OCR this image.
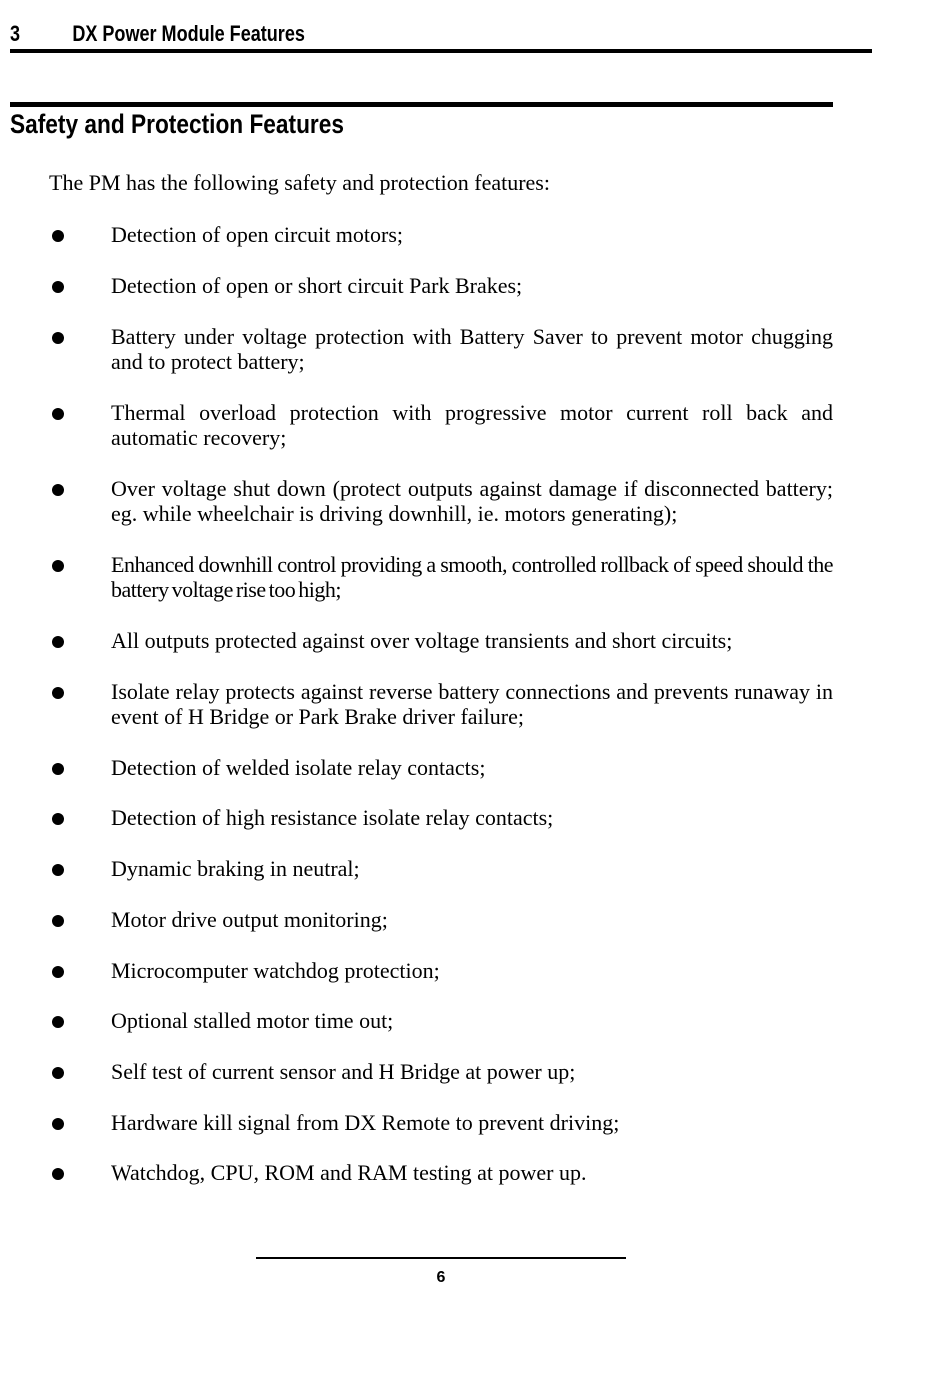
3 DX Power Module Features
Safety and Protection Features
The PM has the following safety and protection features:
Detection of open circuit motors;
Detection of open or short circuit Park Brakes;
Battery under voltage protection with Battery Saver to prevent motor chugging and to protect battery;
Thermal overload protection with progressive motor current roll back and automatic recovery;
Over voltage shut down (protect outputs against damage if disconnected battery; eg. while wheelchair is driving downhill, ie. motors generating);
Enhanced downhill control providing a smooth, controlled rollback of speed should the battery voltage rise too high;
All outputs protected against over voltage transients and short circuits;
Isolate relay protects against reverse battery connections and prevents runaway in event of H Bridge or Park Brake driver failure;
Detection of welded isolate relay contacts;
Detection of high resistance isolate relay contacts;
Dynamic braking in neutral;
Motor drive output monitoring;
Microcomputer watchdog protection;
Optional stalled motor time out;
Self test of current sensor and H Bridge at power up;
Hardware kill signal from DX Remote to prevent driving;
Watchdog, CPU, ROM and RAM testing at power up.
6
